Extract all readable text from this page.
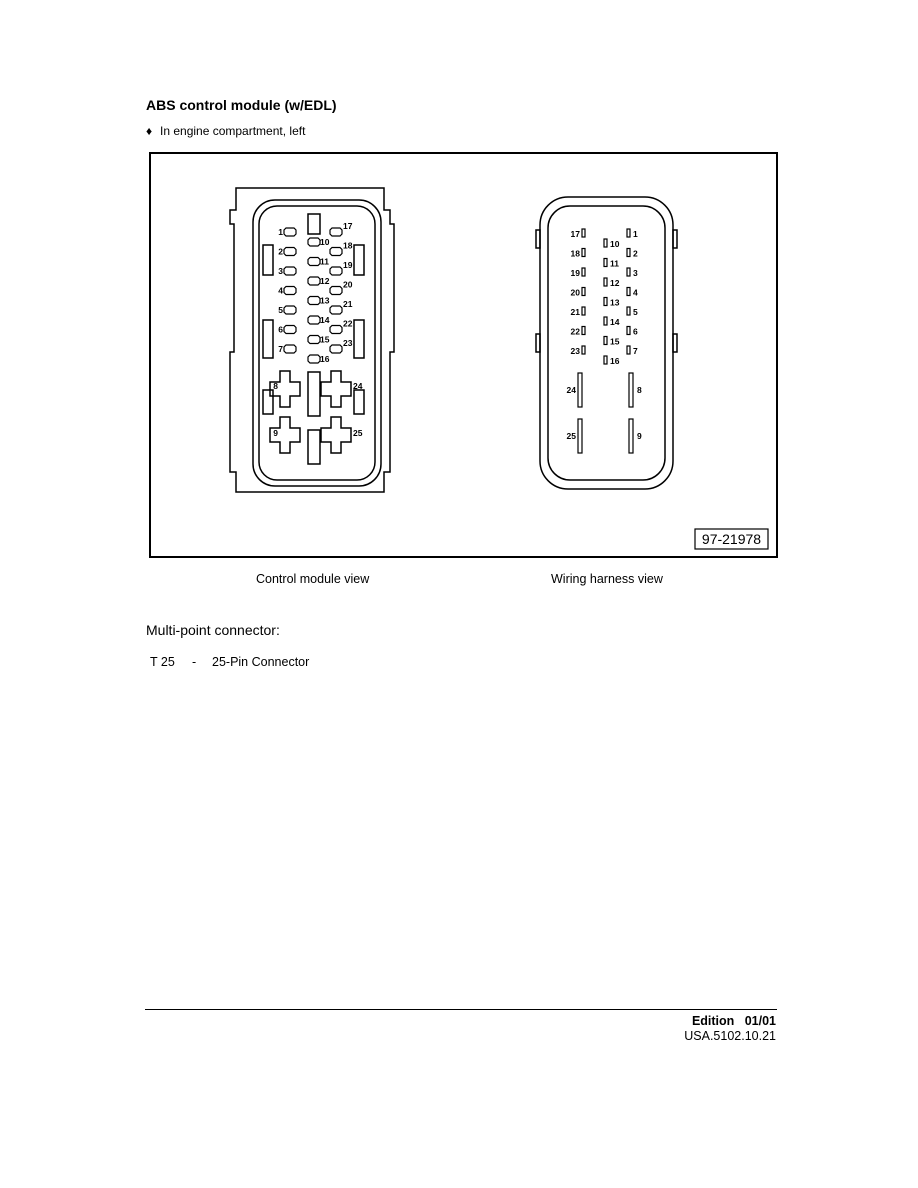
ABS control module (w/EDL)
♦ In engine compartment, left
1
2
3
4
5
6
7
10
11
12
13
14
15
16
17
18
19
20
21
22
23
8	24
9	25
17
18
19
20
21
22
23
10
11
12
13
14
15
16
1
2
3
4
5
6
7
24	8
25	9
97-21978
Control module view	Wiring harness view
Multi-point connector:
T 25 - 25-Pin Connector
Edition 01/01
USA.5102.10.21
